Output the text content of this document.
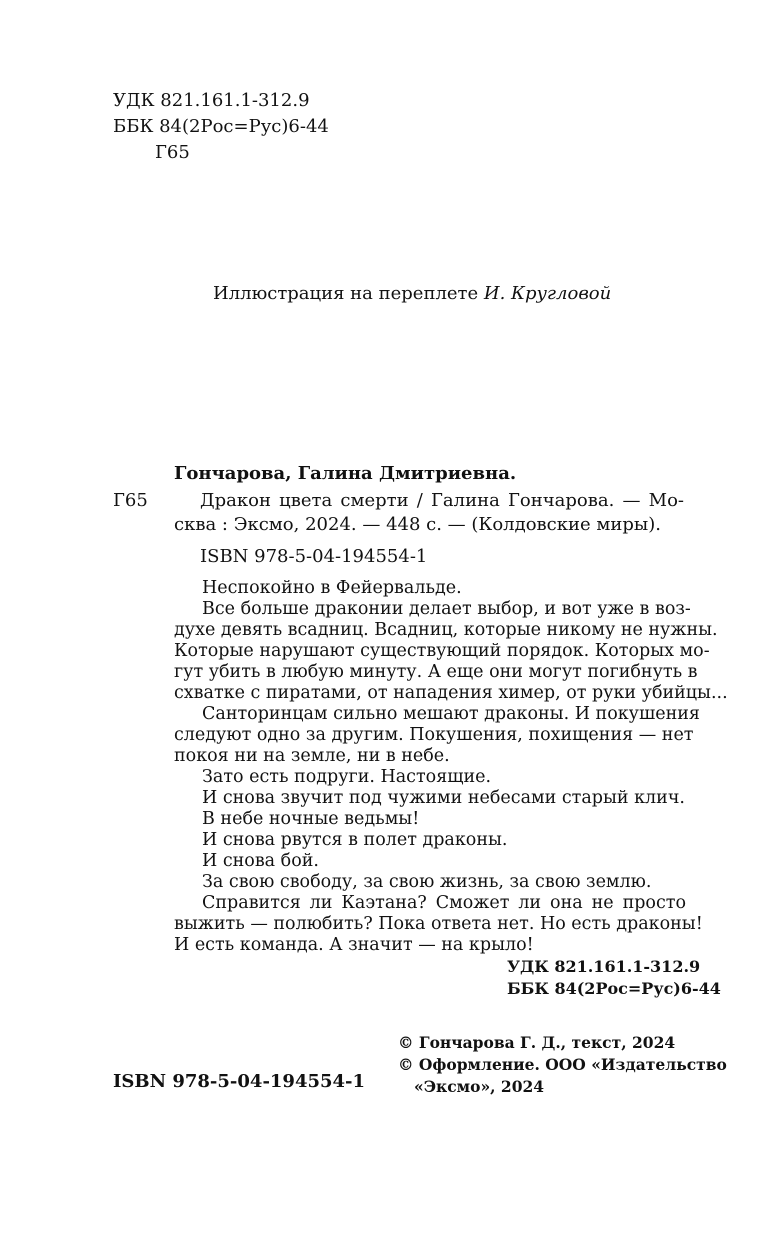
УДК 821.161.1-312.9
ББК 84(2Рос=Рус)6-44
Г65
Иллюстрация на переплете И. Кругловой
Гончарова, Галина Дмитриевна.
Г65	Дракон цвета смерти / Галина Гончарова. — Мо-
сква : Эксмо, 2024. — 448 с. — (Колдовские миры).
ISBN 978-5-04-194554-1

Неспокойно в Фейервальде.

Все больше драконии делает выбор, и вот уже в воз-

духе девять всадниц. Всадниц, которые никому не нужны.

Которые нарушают существующий порядок. Которых мо-

гут убить в любую минуту. А еще они могут погибнуть в

схватке с пиратами, от нападения химер, от руки убийцы...

Санторинцам сильно мешают драконы. И покушения

следуют одно за другим. Покушения, похищения — нет

покоя ни на земле, ни в небе.

Зато есть подруги. Настоящие.

И снова звучит под чужими небесами старый клич.

В небе ночные ведьмы!

И снова рвутся в полет драконы.

И снова бой.

За свою свободу, за свою жизнь, за свою землю.

Справится ли Каэтана? Сможет ли она не просто

выжить — полюбить? Пока ответа нет. Но есть драконы!

И есть команда. А значит — на крыло!

УДК 821.161.1-312.9
ББК 84(2Рос=Рус)6-44
ISBN 978-5-04-194554-1
© Гончарова Г. Д., текст, 2024
© Оформление. ООО «Издательство
«Эксмо», 2024
